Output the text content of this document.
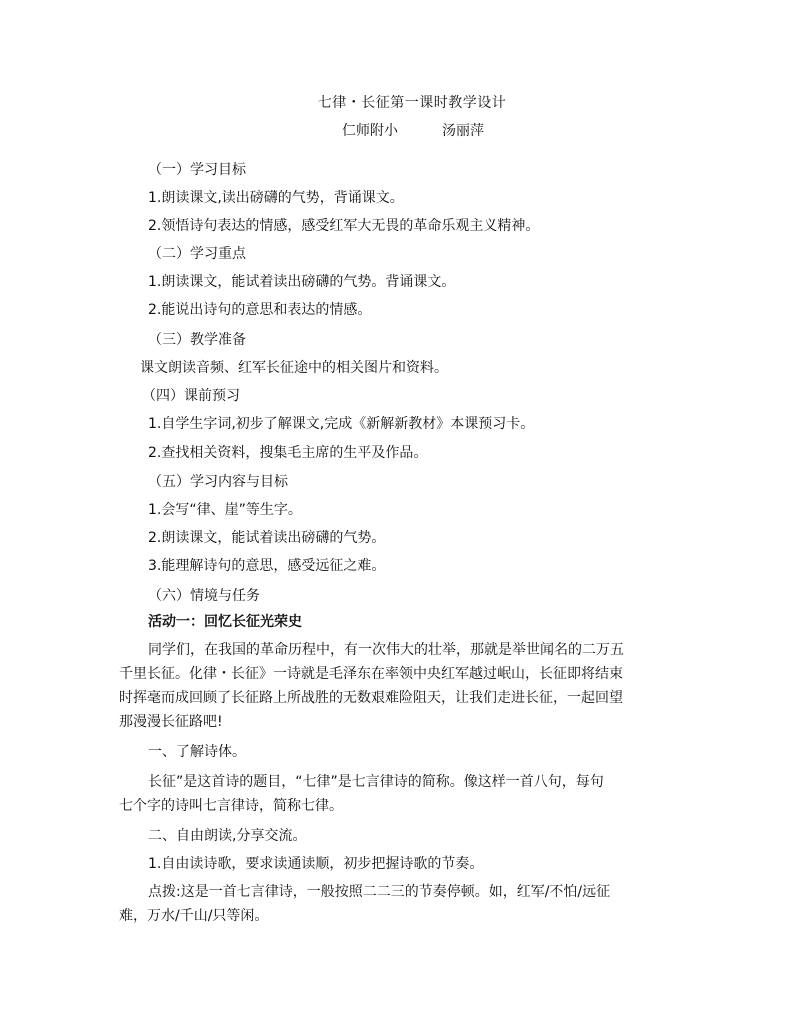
七律・长征第一课时教学设计
仁师附小	汤丽萍
（一）学习目标
1.朗读课文,读出磅礴的气势，背诵课文。
2.领悟诗句表达的情感，感受红军大无畏的革命乐观主义精神。
（二）学习重点
1.朗读课文，能试着读出磅礴的气势。背诵课文。
2.能说出诗句的意思和表达的情感。
（三）教学准备
课文朗读音频、红军长征途中的相关图片和资料。
（四）课前预习
1.自学生字词,初步了解课文,完成《新解新教材》本课预习卡。
2.查找相关资料，搜集毛主席的生平及作品。
（五）学习内容与目标
1.会写“律、崖”等生字。
2.朗读课文，能试着读出磅礴的气势。
3.能理解诗句的意思，感受远征之难。
（六）情境与任务
活动一：回忆长征光荣史
同学们，在我国的革命历程中，有一次伟大的壮举，那就是举世闻名的二万五
千里长征。化律・长征》一诗就是毛泽东在率领中央红军越过岷山，长征即将结束
时挥毫而成回顾了长征路上所战胜的无数艰难险阻天，让我们走进长征，一起回望
那漫漫长征路吧!
一、了解诗体。
长征”是这首诗的题目，“七律”是七言律诗的简称。像这样一首八句，每句
七个字的诗叫七言律诗，简称七律。
二、自由朗读,分享交流。
1.自由读诗歌，要求读通读顺，初步把握诗歌的节奏。
点拨:这是一首七言律诗，一般按照二二三的节奏停顿。如，红军/不怕/远征
难，万水/千山/只等闲。
